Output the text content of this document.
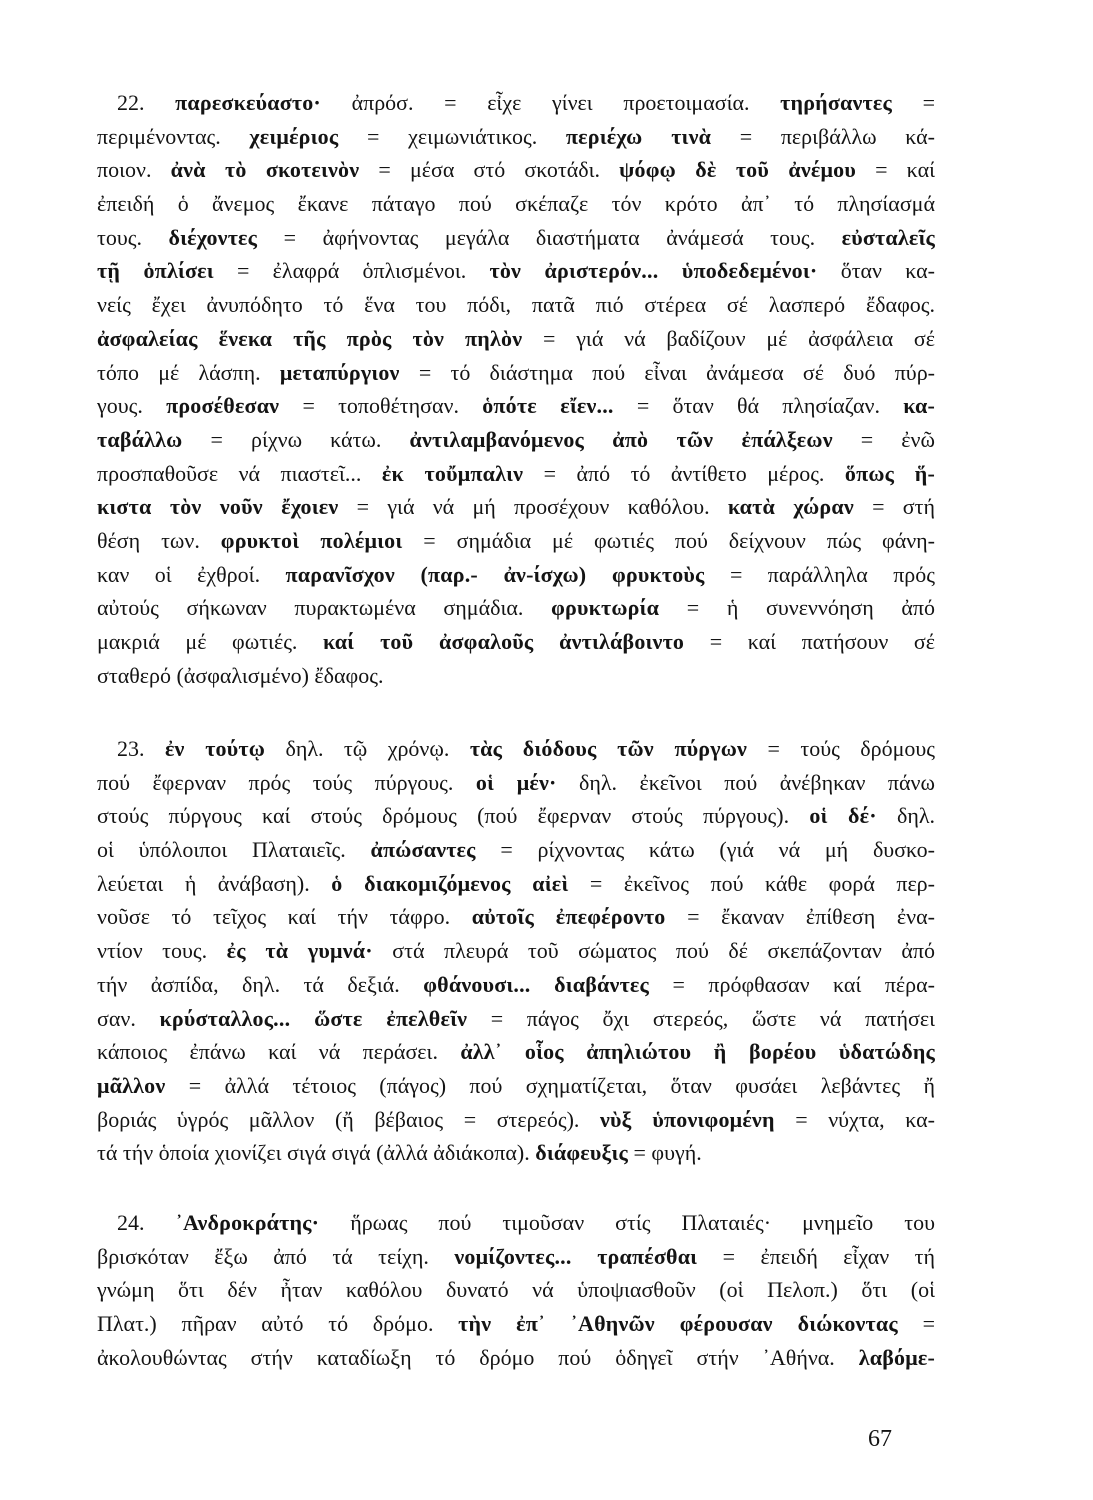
22. παρεσκεύαστο· ἀπρόσ. = εἶχε γίνει προετοιμασία. τηρήσαντες =
περιμένοντας. χειμέριος = χειμωνιάτικος. περιέχω τινὰ = περιβάλλω κά-
ποιον. ἀνὰ τὸ σκοτεινὸν = μέσα στό σκοτάδι. ψόφῳ δὲ τοῦ ἀνέμου = καί
ἐπειδή ὁ ἄνεμος ἔκανε πάταγο πού σκέπαζε τόν κρότο ἀπ᾽ τό πλησίασμά
τους. διέχοντες = ἀφήνοντας μεγάλα διαστήματα ἀνάμεσά τους. εὐσταλεῖς
τῇ ὁπλίσει = ἐλαφρά ὁπλισμένοι. τὸν ἀριστερόν... ὑποδεδεμένοι· ὅταν κα-
νείς ἔχει ἀνυπόδητο τό ἕνα του πόδι, πατᾶ πιό στέρεα σέ λασπερό ἔδαφος.
ἀσφαλείας ἕνεκα τῆς πρὸς τὸν πηλὸν = γιά νά βαδίζουν μέ ἀσφάλεια σέ
τόπο μέ λάσπη. μεταπύργιον = τό διάστημα πού εἶναι ἀνάμεσα σέ δυό πύρ-
γους. προσέθεσαν = τοποθέτησαν. ὁπότε εἴεν... = ὅταν θά πλησίαζαν. κα-
ταβάλλω = ρίχνω κάτω. ἀντιλαμβανόμενος ἀπὸ τῶν ἐπάλξεων = ἐνῶ
προσπαθοῦσε νά πιαστεῖ... ἐκ τοὔμπαλιν = ἀπό τό ἀντίθετο μέρος. ὅπως ἥ-
κιστα τὸν νοῦν ἔχοιεν = γιά νά μή προσέχουν καθόλου. κατὰ χώραν = στή
θέση των. φρυκτοὶ πολέμιοι = σημάδια μέ φωτιές πού δείχνουν πώς φάνη-
καν οἱ ἐχθροί. παρανῖσχον (παρ.- ἀν-ίσχω) φρυκτοὺς = παράλληλα πρός
αὐτούς σήκωναν πυρακτωμένα σημάδια. φρυκτωρία = ἡ συνεννόηση ἀπό
μακριά μέ φωτιές. καί τοῦ ἀσφαλοῦς ἀντιλάβοιντο = καί πατήσουν σέ
σταθερό (ἀσφαλισμένο) ἔδαφος.
23. ἐν τούτῳ δηλ. τῷ χρόνῳ. τὰς διόδους τῶν πύργων = τούς δρόμους
πού ἔφερναν πρός τούς πύργους. οἱ μέν· δηλ. ἐκεῖνοι πού ἀνέβηκαν πάνω
στούς πύργους καί στούς δρόμους (πού ἔφερναν στούς πύργους). οἱ δέ· δηλ.
οἱ ὑπόλοιποι Πλαταιεῖς. ἀπώσαντες = ρίχνοντας κάτω (γιά νά μή δυσκο-
λεύεται ἡ ἀνάβαση). ὁ διακομιζόμενος αἰεὶ = ἐκεῖνος πού κάθε φορά περ-
νοῦσε τό τεῖχος καί τήν τάφρο. αὐτοῖς ἐπεφέροντο = ἔκαναν ἐπίθεση ἐνα-
ντίον τους. ἐς τὰ γυμνά· στά πλευρά τοῦ σώματος πού δέ σκεπάζονταν ἀπό
τήν ἀσπίδα, δηλ. τά δεξιά. φθάνουσι... διαβάντες = πρόφθασαν καί πέρα-
σαν. κρύσταλλος... ὥστε ἐπελθεῖν = πάγος ὄχι στερεός, ὥστε νά πατήσει
κάποιος ἐπάνω καί νά περάσει. ἀλλ᾽ οἷος ἀπηλιώτου ἢ βορέου ὑδατώδης
μᾶλλον = ἀλλά τέτοιος (πάγος) πού σχηματίζεται, ὅταν φυσάει λεβάντες ἤ
βοριάς ὑγρός μᾶλλον (ἤ βέβαιος = στερεός). νὺξ ὑπονιφομένη = νύχτα, κα-
τά τήν ὁποία χιονίζει σιγά σιγά (ἀλλά ἀδιάκοπα). διάφευξις = φυγή.
24. ᾽Ανδροκράτης· ἥρωας πού τιμοῦσαν στίς Πλαταιές· μνημεῖο του
βρισκόταν ἔξω ἀπό τά τείχη. νομίζοντες... τραπέσθαι = ἐπειδή εἶχαν τή
γνώμη ὅτι δέν ἦταν καθόλου δυνατό νά ὑποψιασθοῦν (οἱ Πελοπ.) ὅτι (οἱ
Πλατ.) πῆραν αὐτό τό δρόμο. τὴν ἐπ᾽ ᾽Αθηνῶν φέρουσαν διώκοντας =
ἀκολουθώντας στήν καταδίωξη τό δρόμο πού ὁδηγεῖ στήν ᾽Αθήνα. λαβόμε-
67
